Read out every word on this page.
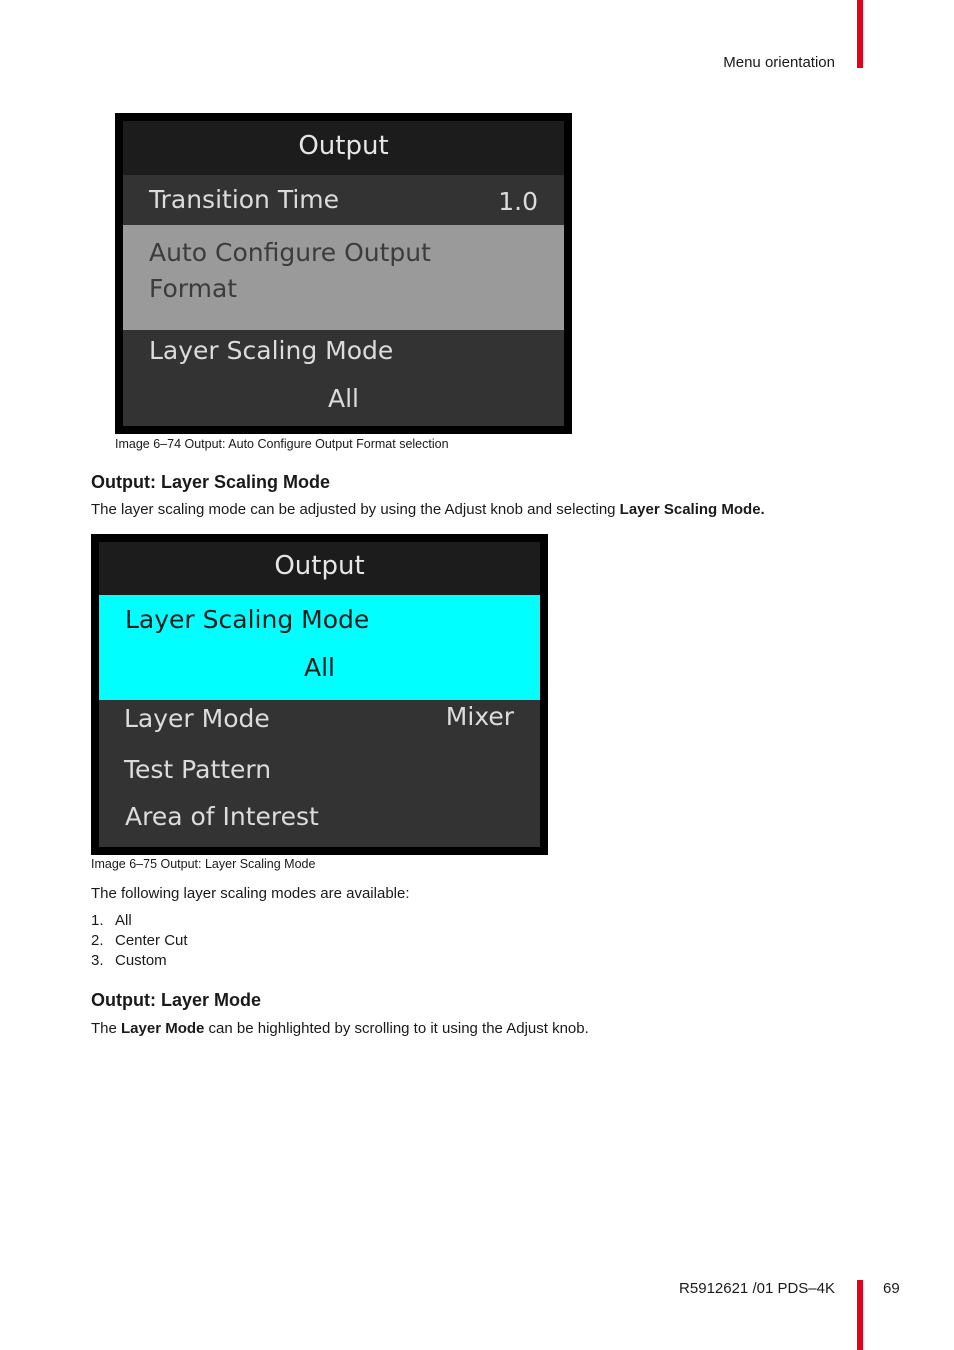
Menu orientation
Output
Transition Time	1.0
Auto Configure Output Format
Layer Scaling Mode
All
Image 6–74 Output: Auto Configure Output Format selection
Output: Layer Scaling Mode

The layer scaling mode can be adjusted by using the Adjust knob and selecting Layer Scaling Mode.

Output
Layer Scaling Mode
All
Layer Mode	Mixer
Test Pattern
Area of Interest
Image 6–75 Output: Layer Scaling Mode

The following layer scaling modes are available:

1. All
2. Center Cut
3. Custom
Output: Layer Mode

The Layer Mode can be highlighted by scrolling to it using the Adjust knob.

R5912621 /01 PDS–4K	69
